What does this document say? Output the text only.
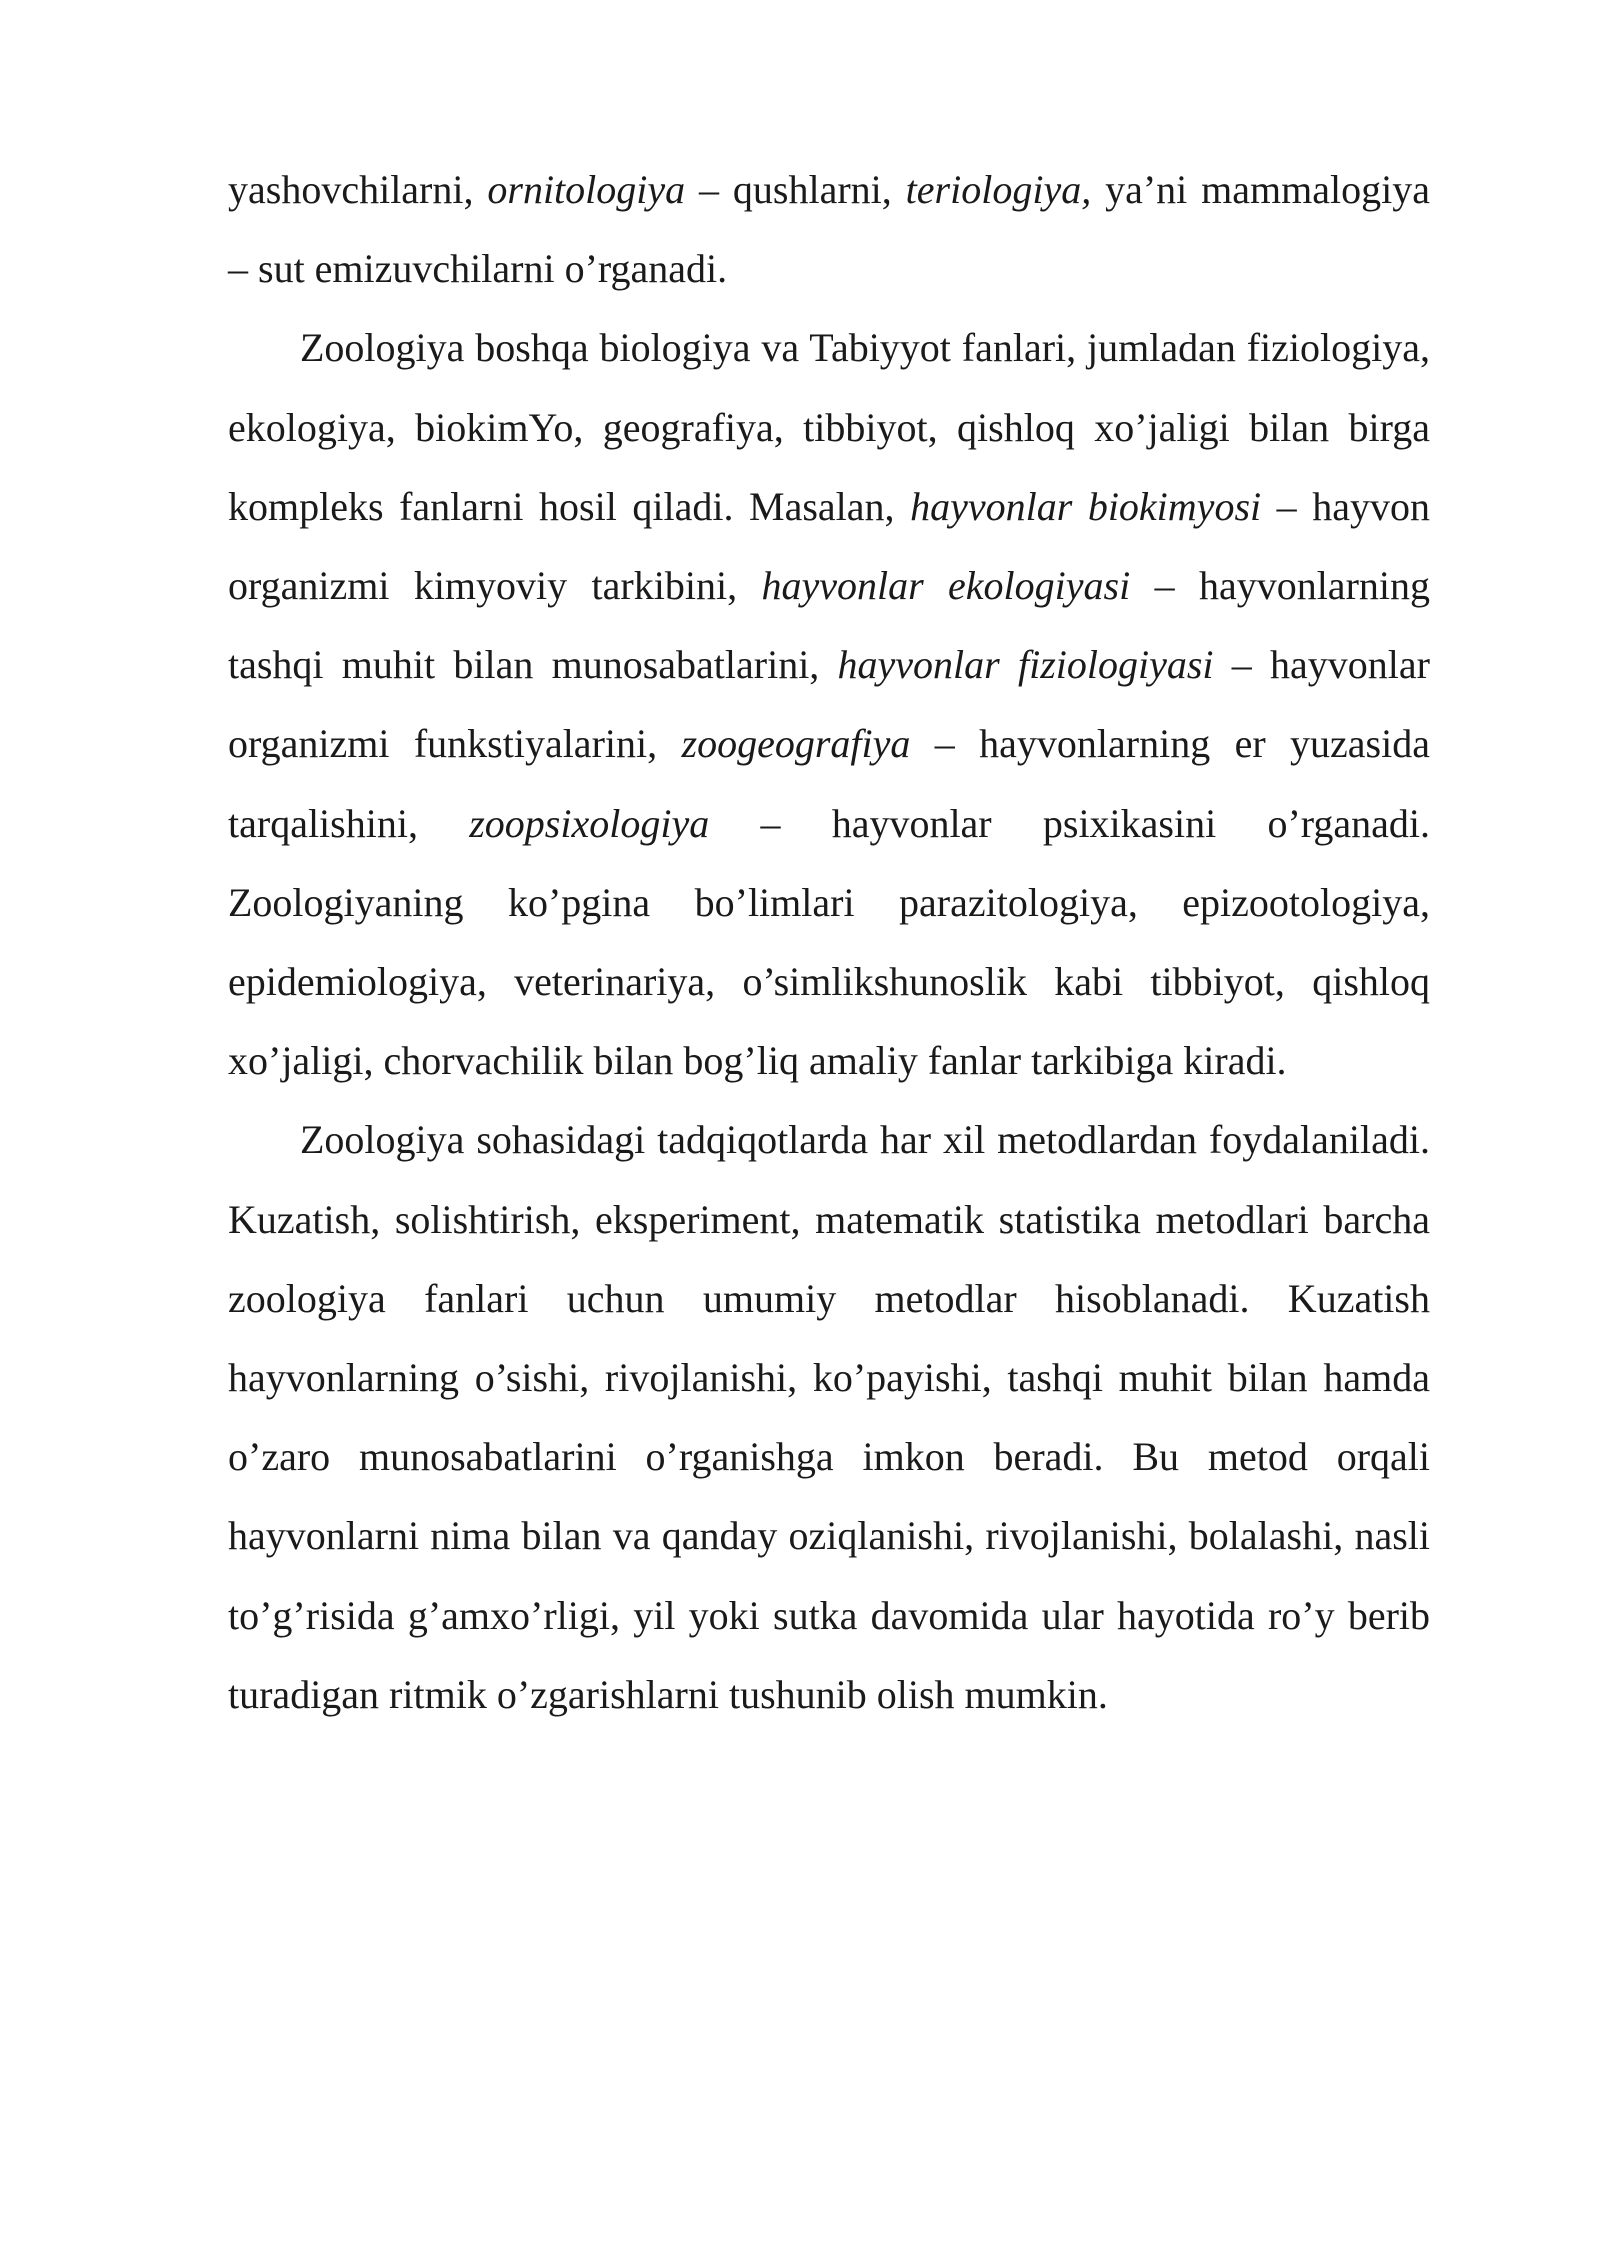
yashovchilarni, ornitologiya – qushlarni, teriologiya, ya’ni mammalogiya – sut emizuvchilarni o’rganadi.

Zoologiya boshqa biologiya va Tabiyyot fanlari, jumladan fiziologiya, ekologiya, biokimYo, geografiya, tibbiyot, qishloq xo’jaligi bilan birga kompleks fanlarni hosil qiladi. Masalan, hayvonlar biokimyosi – hayvon organizmi kimyoviy tarkibini, hayvonlar ekologiyasi – hayvonlarning tashqi muhit bilan munosabatlarini, hayvonlar fiziologiyasi – hayvonlar organizmi funkstiyalarini, zoogeografiya – hayvonlarning er yuzasida tarqalishini, zoopsixologiya – hayvonlar psixikasini o’rganadi. Zoologiyaning ko’pgina bo’limlari parazitologiya, epizootologiya, epidemiologiya, veterinariya, o’simlikshunoslik kabi tibbiyot, qishloq xo’jaligi, chorvachilik bilan bog’liq amaliy fanlar tarkibiga kiradi.

Zoologiya sohasidagi tadqiqotlarda har xil metodlardan foydalaniladi. Kuzatish, solishtirish, eksperiment, matematik statistika metodlari barcha zoologiya fanlari uchun umumiy metodlar hisoblanadi. Kuzatish hayvonlarning o’sishi, rivojlanishi, ko’payishi, tashqi muhit bilan hamda o’zaro munosabatlarini o’rganishga imkon beradi. Bu metod orqali hayvonlarni nima bilan va qanday oziqlanishi, rivojlanishi, bolalashi, nasli to’g’risida g’amxo’rligi, yil yoki sutka davomida ular hayotida ro’y berib turadigan ritmik o’zgarishlarni tushunib olish mumkin.
